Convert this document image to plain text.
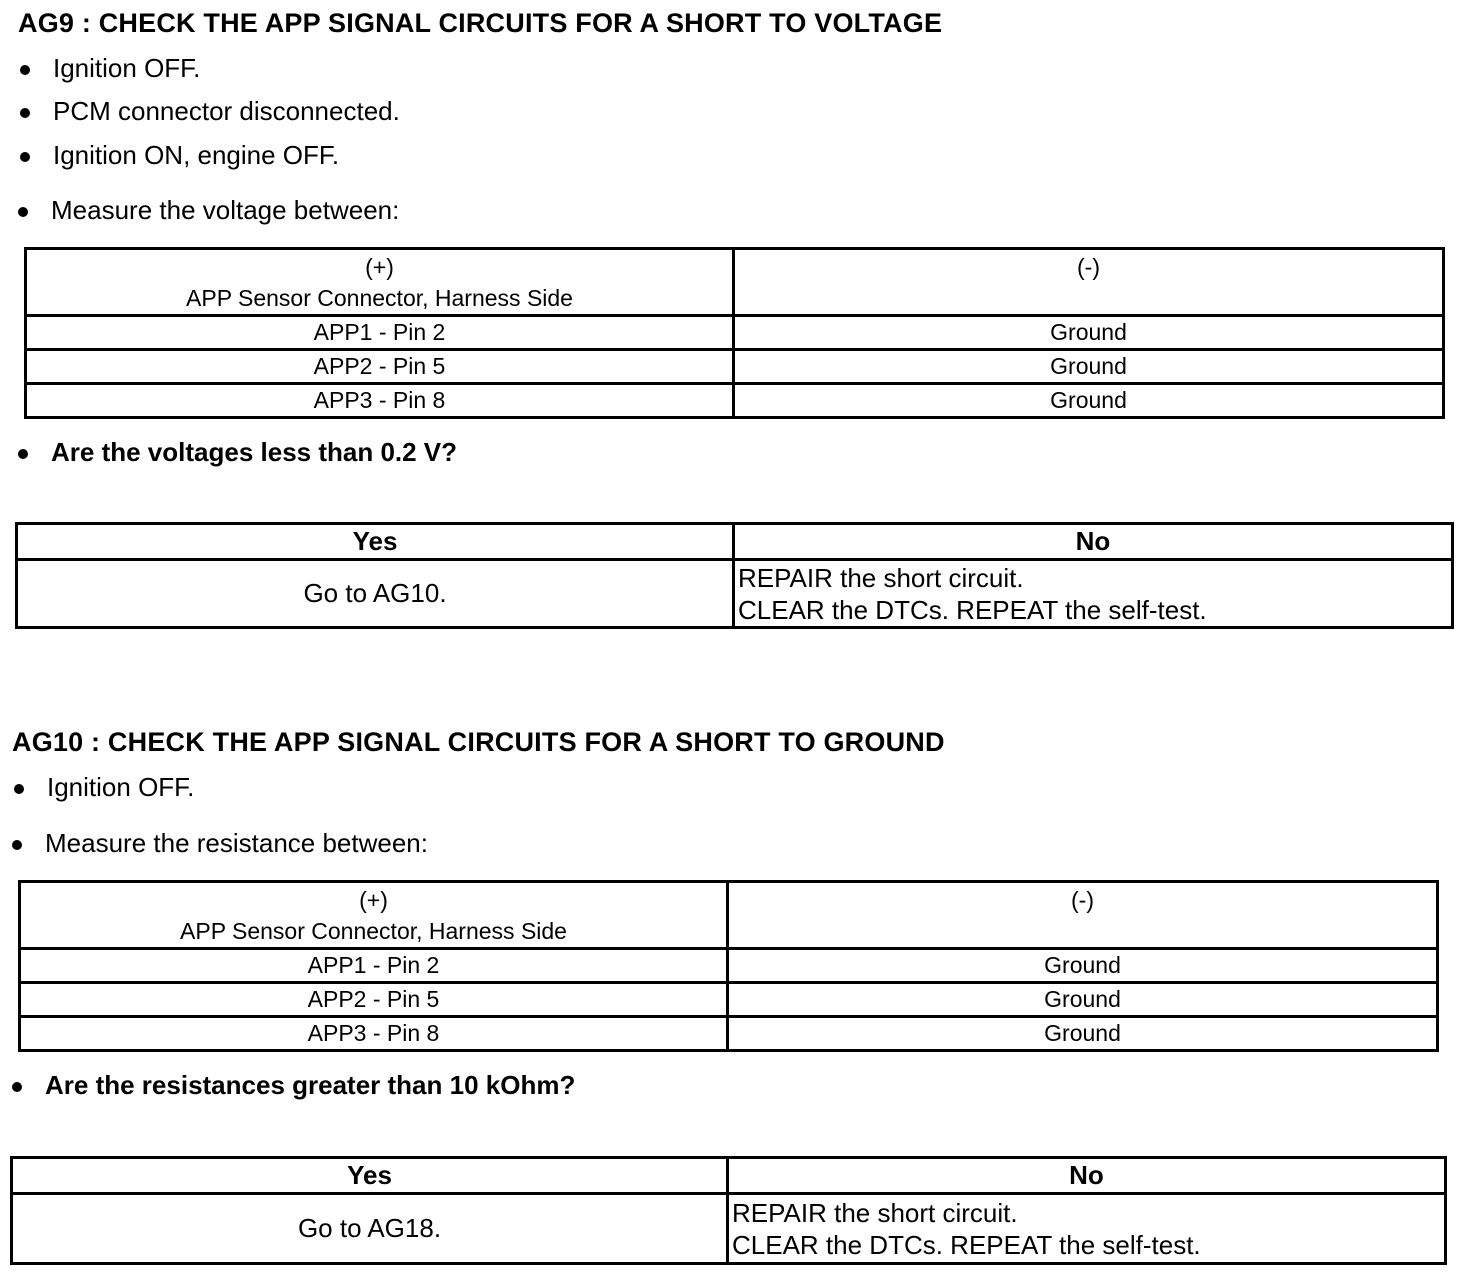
AG9 : CHECK THE APP SIGNAL CIRCUITS FOR A SHORT TO VOLTAGE
Ignition OFF.
PCM connector disconnected.
Ignition ON, engine OFF.
Measure the voltage between:
(+)
APP Sensor Connector, Harness Side	(-)
APP1 - Pin 2	Ground
APP2 - Pin 5	Ground
APP3 - Pin 8	Ground
Are the voltages less than 0.2 V?
Yes	No
Go to AG10.	REPAIR the short circuit.
CLEAR the DTCs. REPEAT the self-test.
AG10 : CHECK THE APP SIGNAL CIRCUITS FOR A SHORT TO GROUND
Ignition OFF.
Measure the resistance between:
(+)
APP Sensor Connector, Harness Side	(-)
APP1 - Pin 2	Ground
APP2 - Pin 5	Ground
APP3 - Pin 8	Ground
Are the resistances greater than 10 kOhm?
Yes	No
Go to AG18.	REPAIR the short circuit.
CLEAR the DTCs. REPEAT the self-test.
